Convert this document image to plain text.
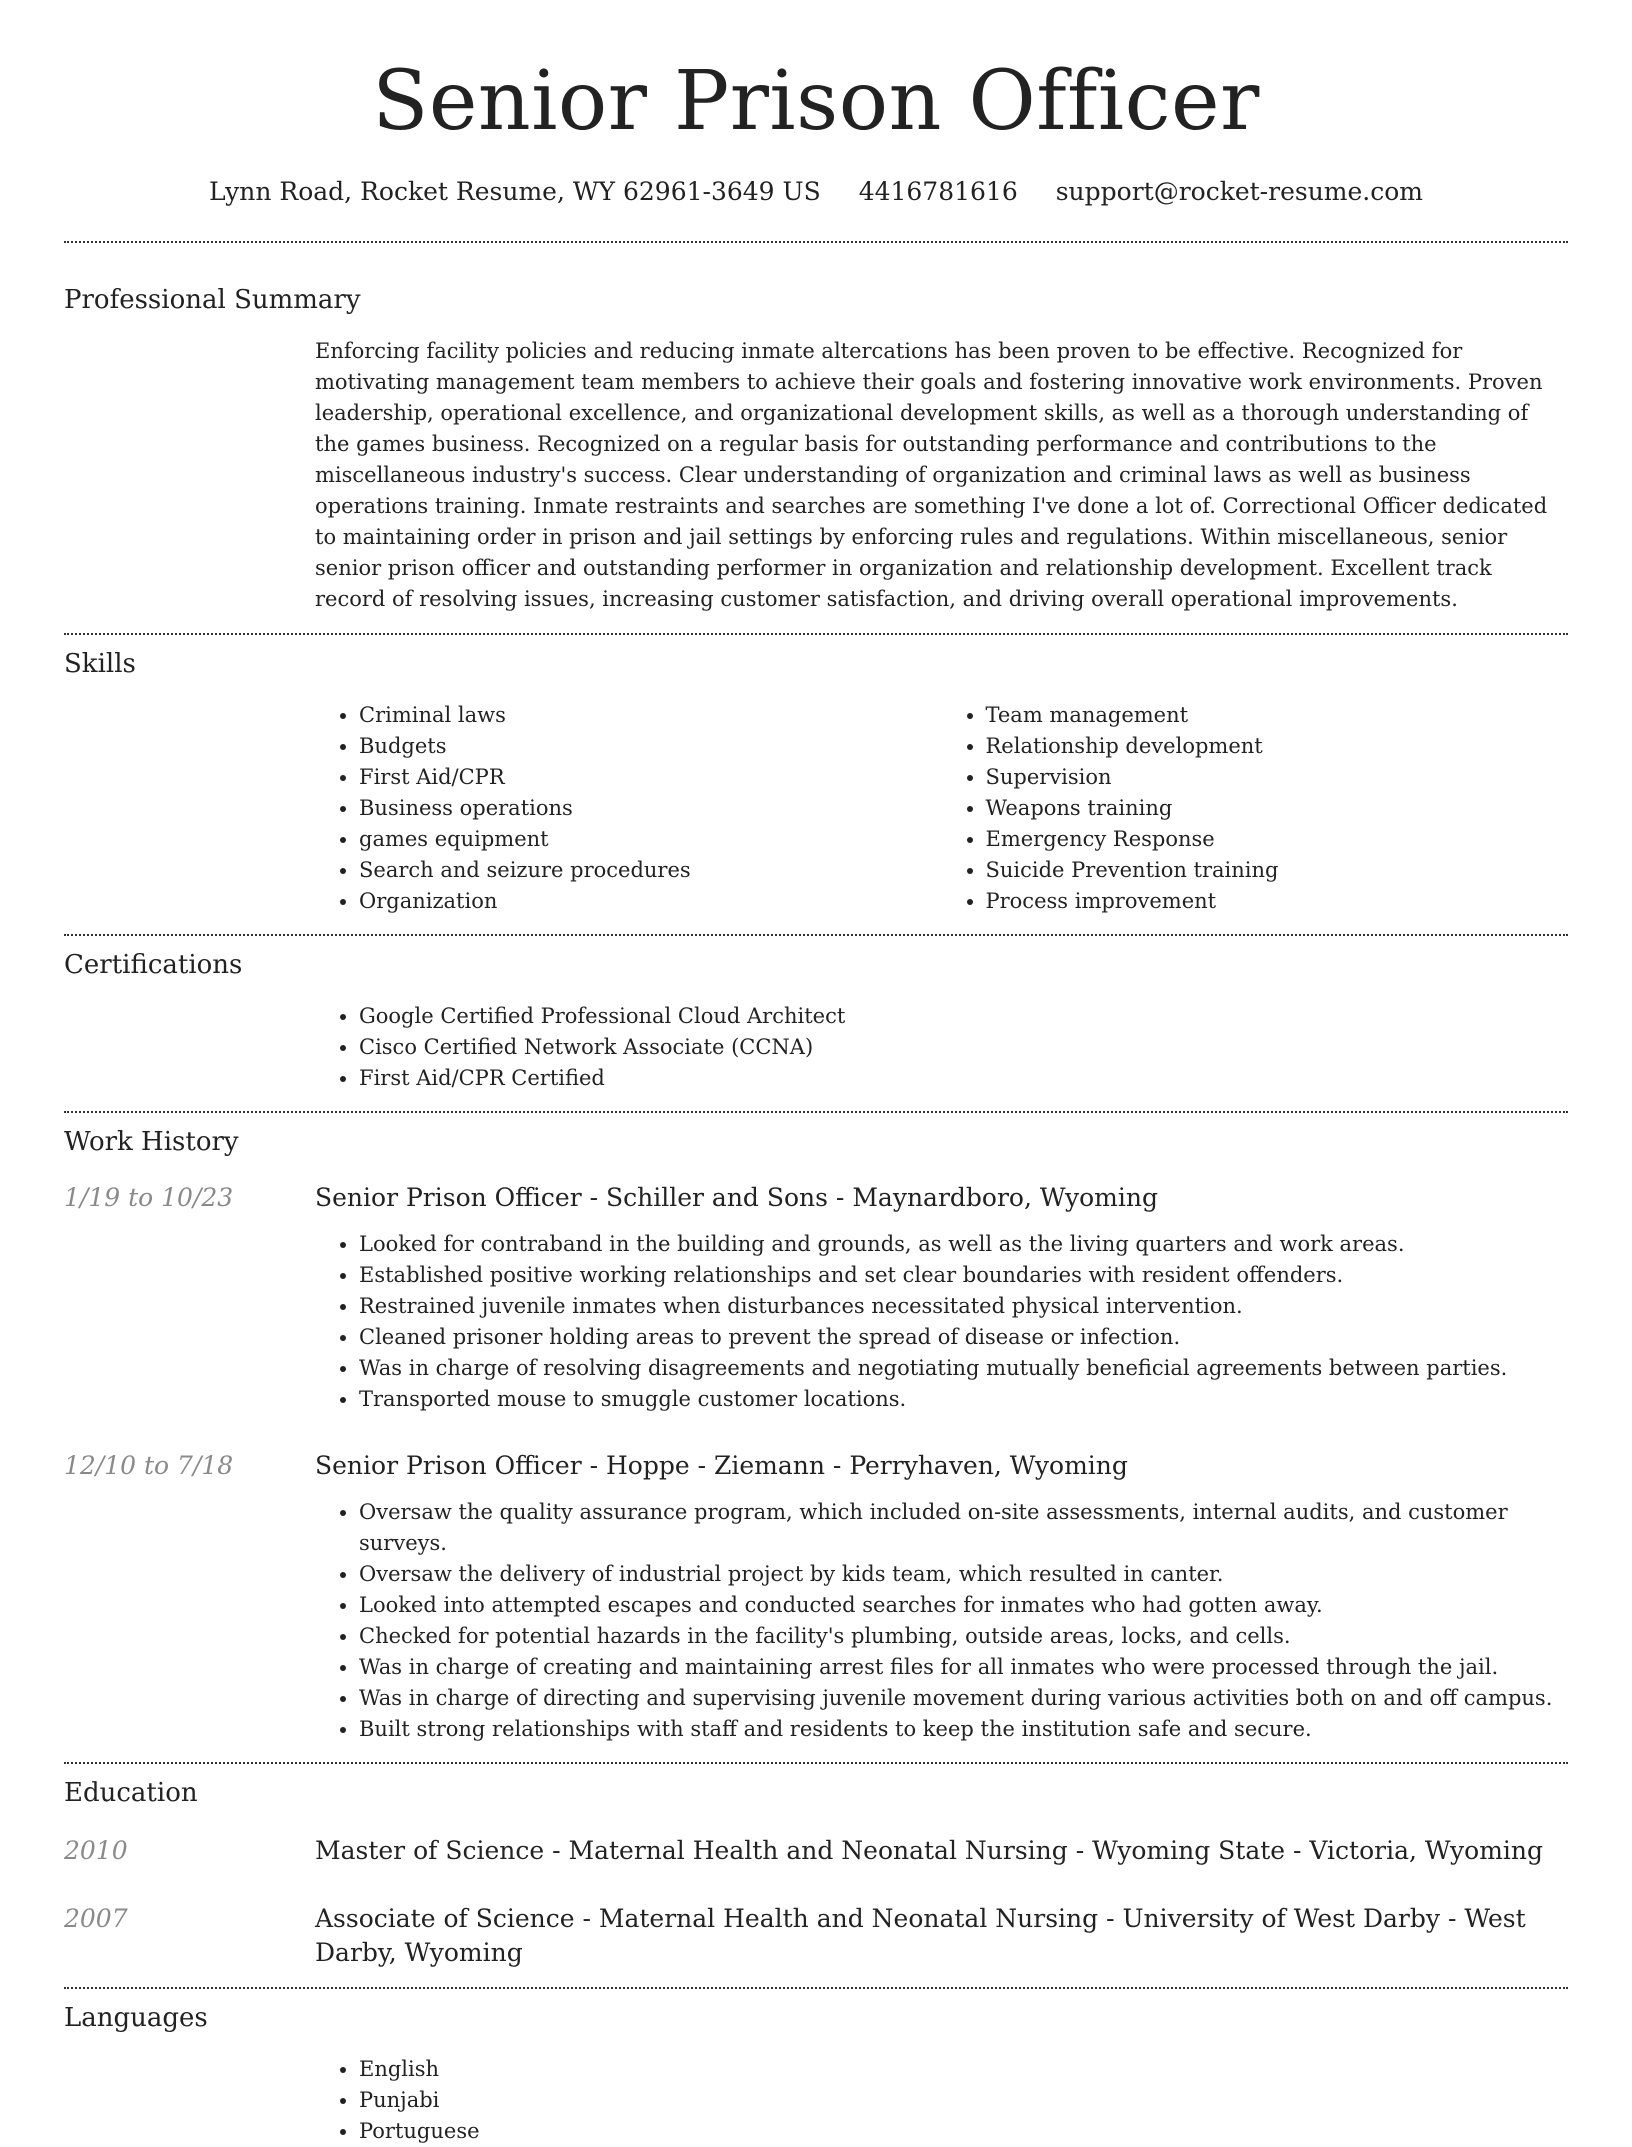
Senior Prison Officer
Lynn Road, Rocket Resume, WY 62961-3649 US 4416781616 support@rocket-resume.com
Professional Summary
Enforcing facility policies and reducing inmate altercations has been proven to be effective. Recognized for motivating management team members to achieve their goals and fostering innovative work environments. Proven leadership, operational excellence, and organizational development skills, as well as a thorough understanding of the games business. Recognized on a regular basis for outstanding performance and contributions to the miscellaneous industry's success. Clear understanding of organization and criminal laws as well as business operations training. Inmate restraints and searches are something I've done a lot of. Correctional Officer dedicated to maintaining order in prison and jail settings by enforcing rules and regulations. Within miscellaneous, senior senior prison officer and outstanding performer in organization and relationship development. Excellent track record of resolving issues, increasing customer satisfaction, and driving overall operational improvements.
Skills
• Criminal laws
• Budgets
• First Aid/CPR
• Business operations
• games equipment
• Search and seizure procedures
• Organization
• Team management
• Relationship development
• Supervision
• Weapons training
• Emergency Response
• Suicide Prevention training
• Process improvement
Certifications
• Google Certified Professional Cloud Architect
• Cisco Certified Network Associate (CCNA)
• First Aid/CPR Certified
Work History
1/19 to 10/23	Senior Prison Officer - Schiller and Sons - Maynardboro, Wyoming
• Looked for contraband in the building and grounds, as well as the living quarters and work areas.
• Established positive working relationships and set clear boundaries with resident offenders.
• Restrained juvenile inmates when disturbances necessitated physical intervention.
• Cleaned prisoner holding areas to prevent the spread of disease or infection.
• Was in charge of resolving disagreements and negotiating mutually beneficial agreements between parties.
• Transported mouse to smuggle customer locations.
12/10 to 7/18	Senior Prison Officer - Hoppe - Ziemann - Perryhaven, Wyoming
• Oversaw the quality assurance program, which included on-site assessments, internal audits, and customer surveys.
• Oversaw the delivery of industrial project by kids team, which resulted in canter.
• Looked into attempted escapes and conducted searches for inmates who had gotten away.
• Checked for potential hazards in the facility's plumbing, outside areas, locks, and cells.
• Was in charge of creating and maintaining arrest files for all inmates who were processed through the jail.
• Was in charge of directing and supervising juvenile movement during various activities both on and off campus.
• Built strong relationships with staff and residents to keep the institution safe and secure.
Education
2010	Master of Science - Maternal Health and Neonatal Nursing - Wyoming State - Victoria, Wyoming
2007	Associate of Science - Maternal Health and Neonatal Nursing - University of West Darby - West Darby, Wyoming
Languages
• English
• Punjabi
• Portuguese
